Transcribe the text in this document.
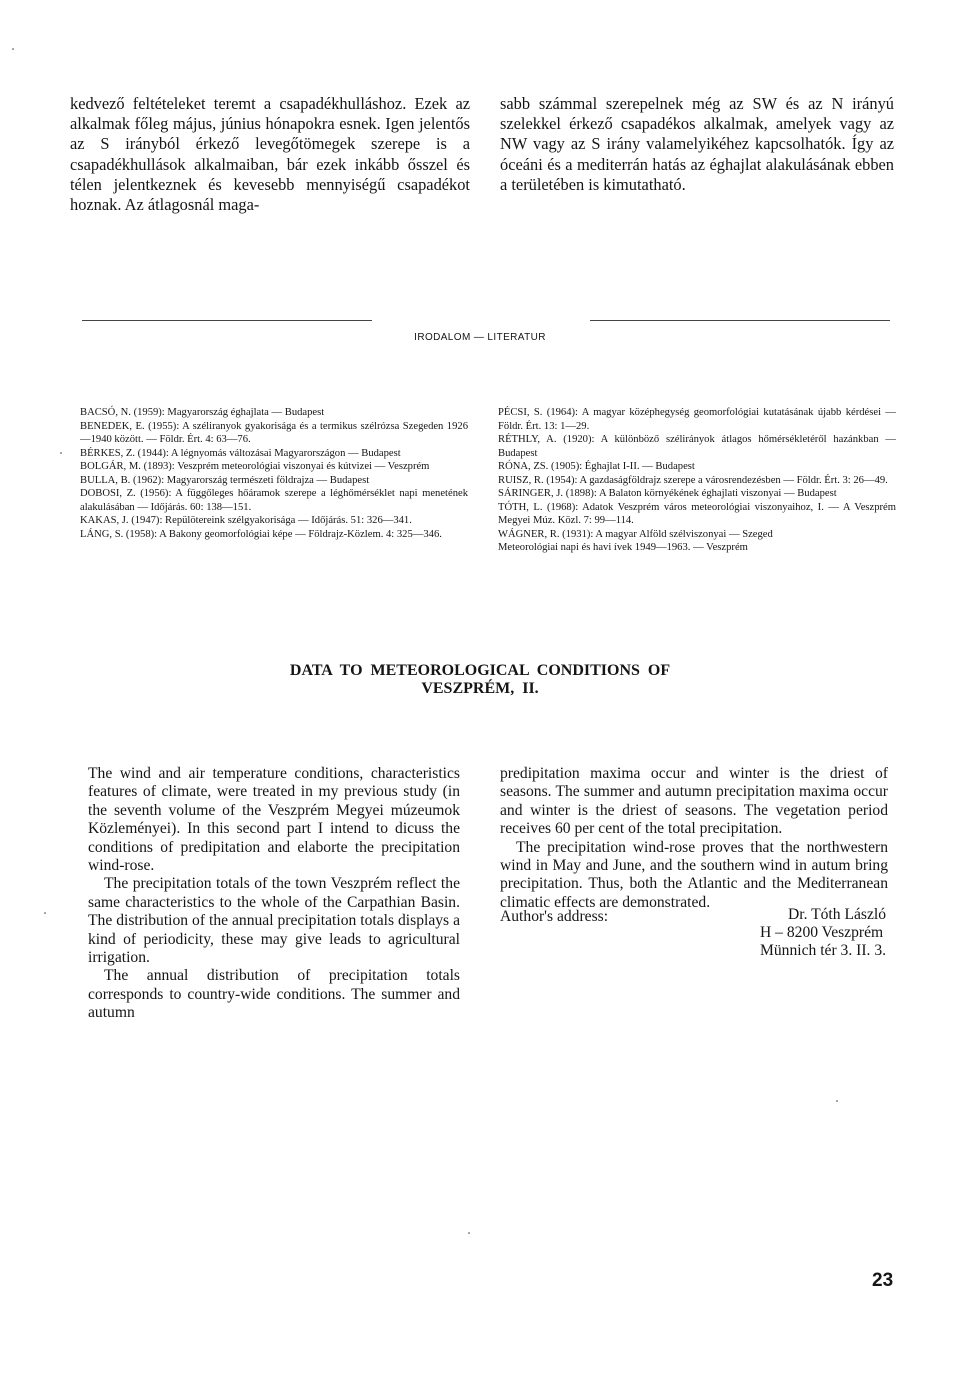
kedvező feltételeket teremt a csapadékhulláshoz. Ezek az alkalmak főleg május, június hónapokra esnek. Igen jelentős az S irányból érkező levegőtömegek szerepe is a csapadékhullások alkalmaiban, bár ezek inkább ősszel és télen jelentkeznek és kevesebb mennyiségű csapadékot hoznak. Az átlagosnál maga-

sabb számmal szerepelnek még az SW és az N irányú szelekkel érkező csapadékos alkalmak, amelyek vagy az NW vagy az S irány valamelyikéhez kapcsolhatók. Így az óceáni és a mediterrán hatás az éghajlat alakulásának ebben a területében is kimutatható.

IRODALOM — LITERATUR

BACSÓ, N. (1959): Magyarország éghajlata — Budapest

BENEDEK, E. (1955): A széliranyok gyakorisága és a termikus szélrózsa Szegeden 1926—1940 között. — Földr. Ért. 4: 63—76.

BÉRKES, Z. (1944): A légnyomás változásai Magyarországon — Budapest

BOLGÁR, M. (1893): Veszprém meteorológiai viszonyai és kútvizei — Veszprém

BULLA, B. (1962): Magyarország természeti földrajza — Budapest

DOBOSI, Z. (1956): A függőleges hőáramok szerepe a léghőmérséklet napi menetének alakulásában — Időjárás. 60: 138—151.

KAKAS, J. (1947): Repülötereink szélgyakorisága — Időjárás. 51: 326—341.

LÁNG, S. (1958): A Bakony geomorfológiai képe — Földrajz-Közlem. 4: 325—346.

PÉCSI, S. (1964): A magyar középhegység geomorfológiai kutatásának újabb kérdései — Földr. Ért. 13: 1—29.

RÉTHLY, A. (1920): A különböző szélirányok átlagos hőmérsékletéről hazánkban — Budapest

RÓNA, ZS. (1905): Éghajlat I-II. — Budapest

RUISZ, R. (1954): A gazdaságföldrajz szerepe a városrendezésben — Földr. Ért. 3: 26—49.

SÁRINGER, J. (1898): A Balaton környékének éghajlati viszonyai — Budapest

TÓTH, L. (1968): Adatok Veszprém város meteorológiai viszonyaihoz, I. — A Veszprém Megyei Múz. Közl. 7: 99—114.

WÁGNER, R. (1931): A magyar Alföld szélviszonyai — Szeged

Meteorológiai napi és havi ívek 1949—1963. — Veszprém

DATA TO METEOROLOGICAL CONDITIONS OF
VESZPRÉM, II.

The wind and air temperature conditions, characteristics features of climate, were treated in my previous study (in the seventh volume of the Veszprém Megyei múzeumok Közleményei). In this second part I intend to dicuss the conditions of predipitation and elaborte the precipitation wind-rose.

The precipitation totals of the town Veszprém reflect the same characteristics to the whole of the Carpathian Basin. The distribution of the annual precipitation totals displays a kind of periodicity, these may give leads to agricultural irrigation.

The annual distribution of precipitation totals corresponds to country-wide conditions. The summer and autumn

predipitation maxima occur and winter is the driest of seasons. The summer and autumn precipitation maxima occur and winter is the driest of seasons. The vegetation period receives 60 per cent of the total precipitation.

The precipitation wind-rose proves that the northwestern wind in May and June, and the southern wind in autum bring precipitation. Thus, both the Atlantic and the Mediterranean climatic effects are demonstrated.

Author's address:	Dr. Tóth László
H – 8200 Veszprém
Münnich tér 3. II. 3.
23
